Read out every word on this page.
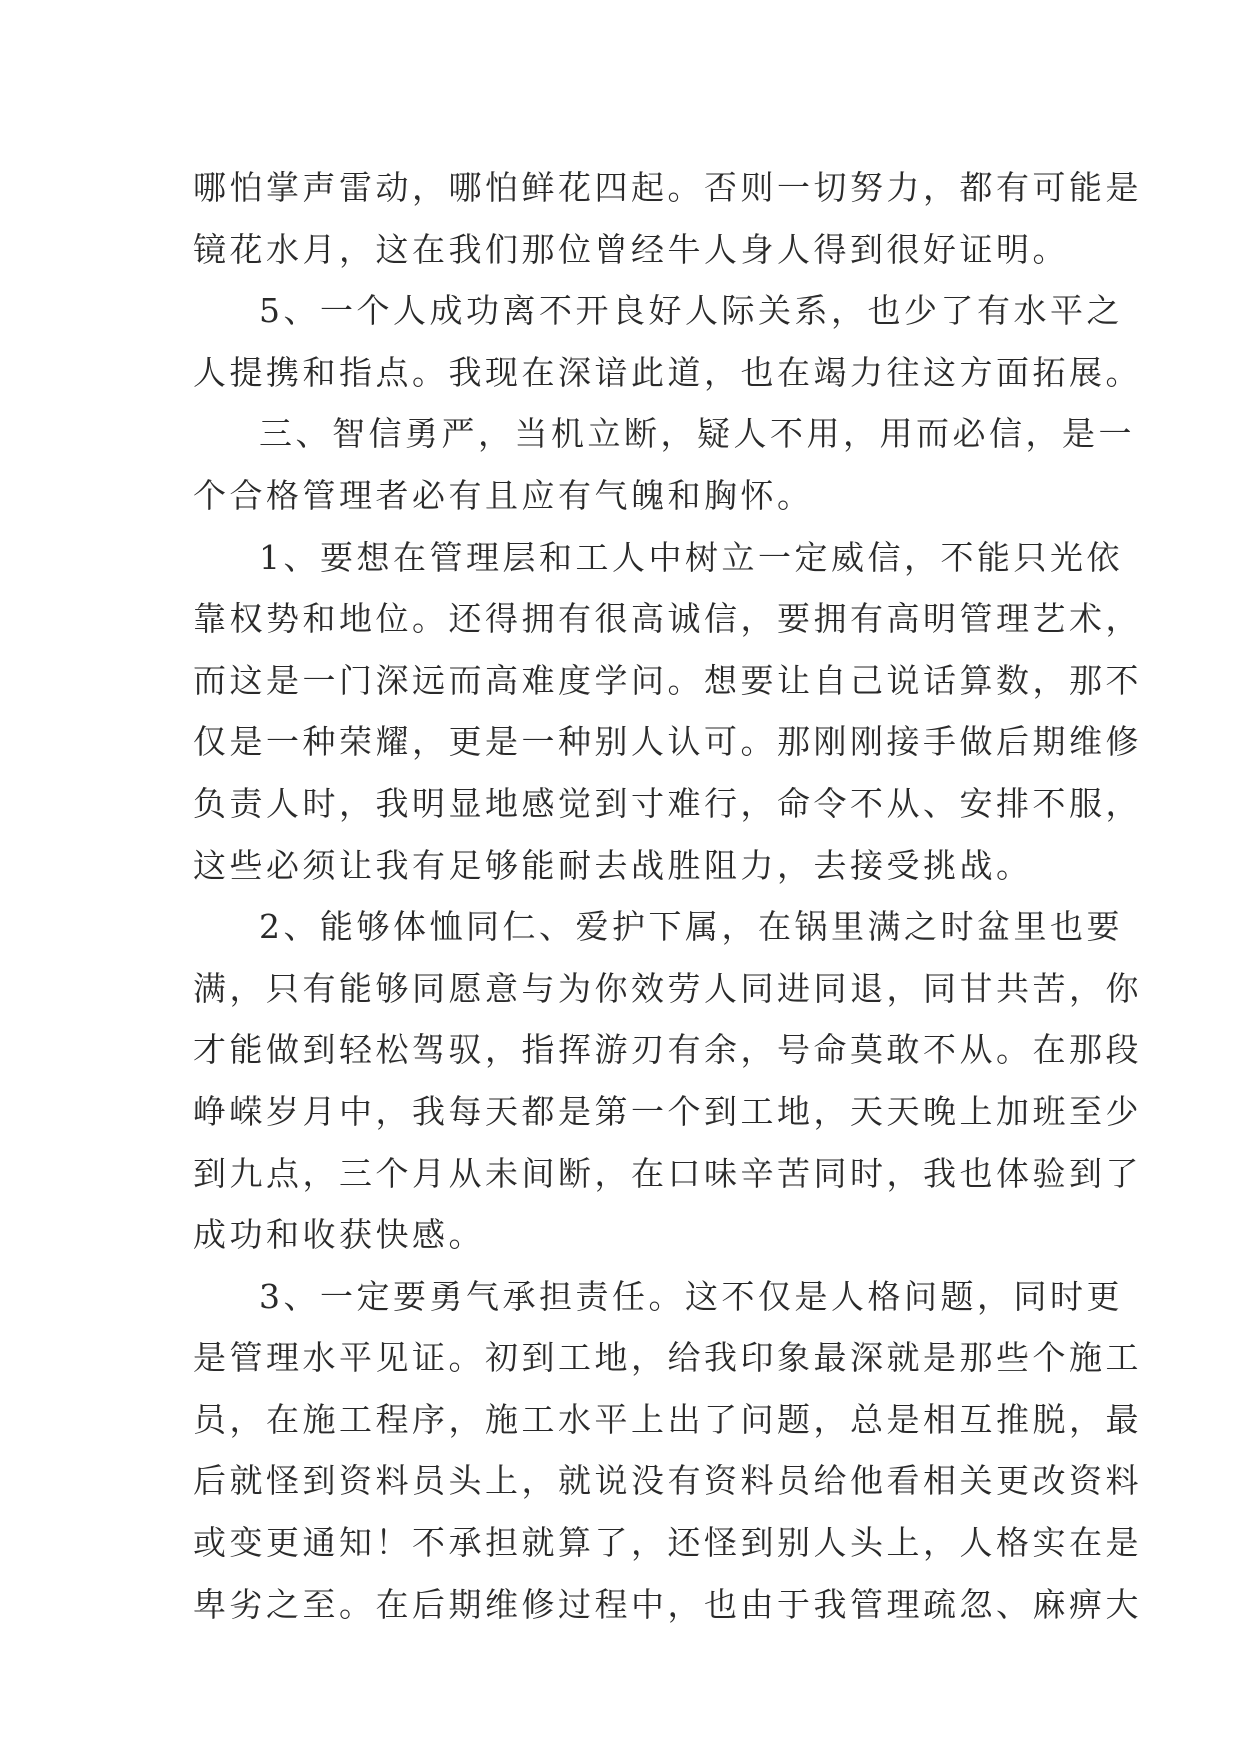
哪怕掌声雷动，哪怕鲜花四起。否则一切努力，都有可能是
镜花水月，这在我们那位曾经牛人身人得到很好证明。
5、一个人成功离不开良好人际关系，也少了有水平之
人提携和指点。我现在深谙此道，也在竭力往这方面拓展。
三、智信勇严，当机立断，疑人不用，用而必信，是一
个合格管理者必有且应有气魄和胸怀。
1、要想在管理层和工人中树立一定威信，不能只光依
靠权势和地位。还得拥有很高诚信，要拥有高明管理艺术，
而这是一门深远而高难度学问。想要让自己说话算数，那不
仅是一种荣耀，更是一种别人认可。那刚刚接手做后期维修
负责人时，我明显地感觉到寸难行，命令不从、安排不服，
这些必须让我有足够能耐去战胜阻力，去接受挑战。
2、能够体恤同仁、爱护下属，在锅里满之时盆里也要
满，只有能够同愿意与为你效劳人同进同退，同甘共苦，你
才能做到轻松驾驭，指挥游刃有余，号命莫敢不从。在那段
峥嵘岁月中，我每天都是第一个到工地，天天晚上加班至少
到九点，三个月从未间断，在口味辛苦同时，我也体验到了
成功和收获快感。
3、一定要勇气承担责任。这不仅是人格问题，同时更
是管理水平见证。初到工地，给我印象最深就是那些个施工
员，在施工程序，施工水平上出了问题，总是相互推脱，最
后就怪到资料员头上，就说没有资料员给他看相关更改资料
或变更通知！不承担就算了，还怪到别人头上，人格实在是
卑劣之至。在后期维修过程中，也由于我管理疏忽、麻痹大
